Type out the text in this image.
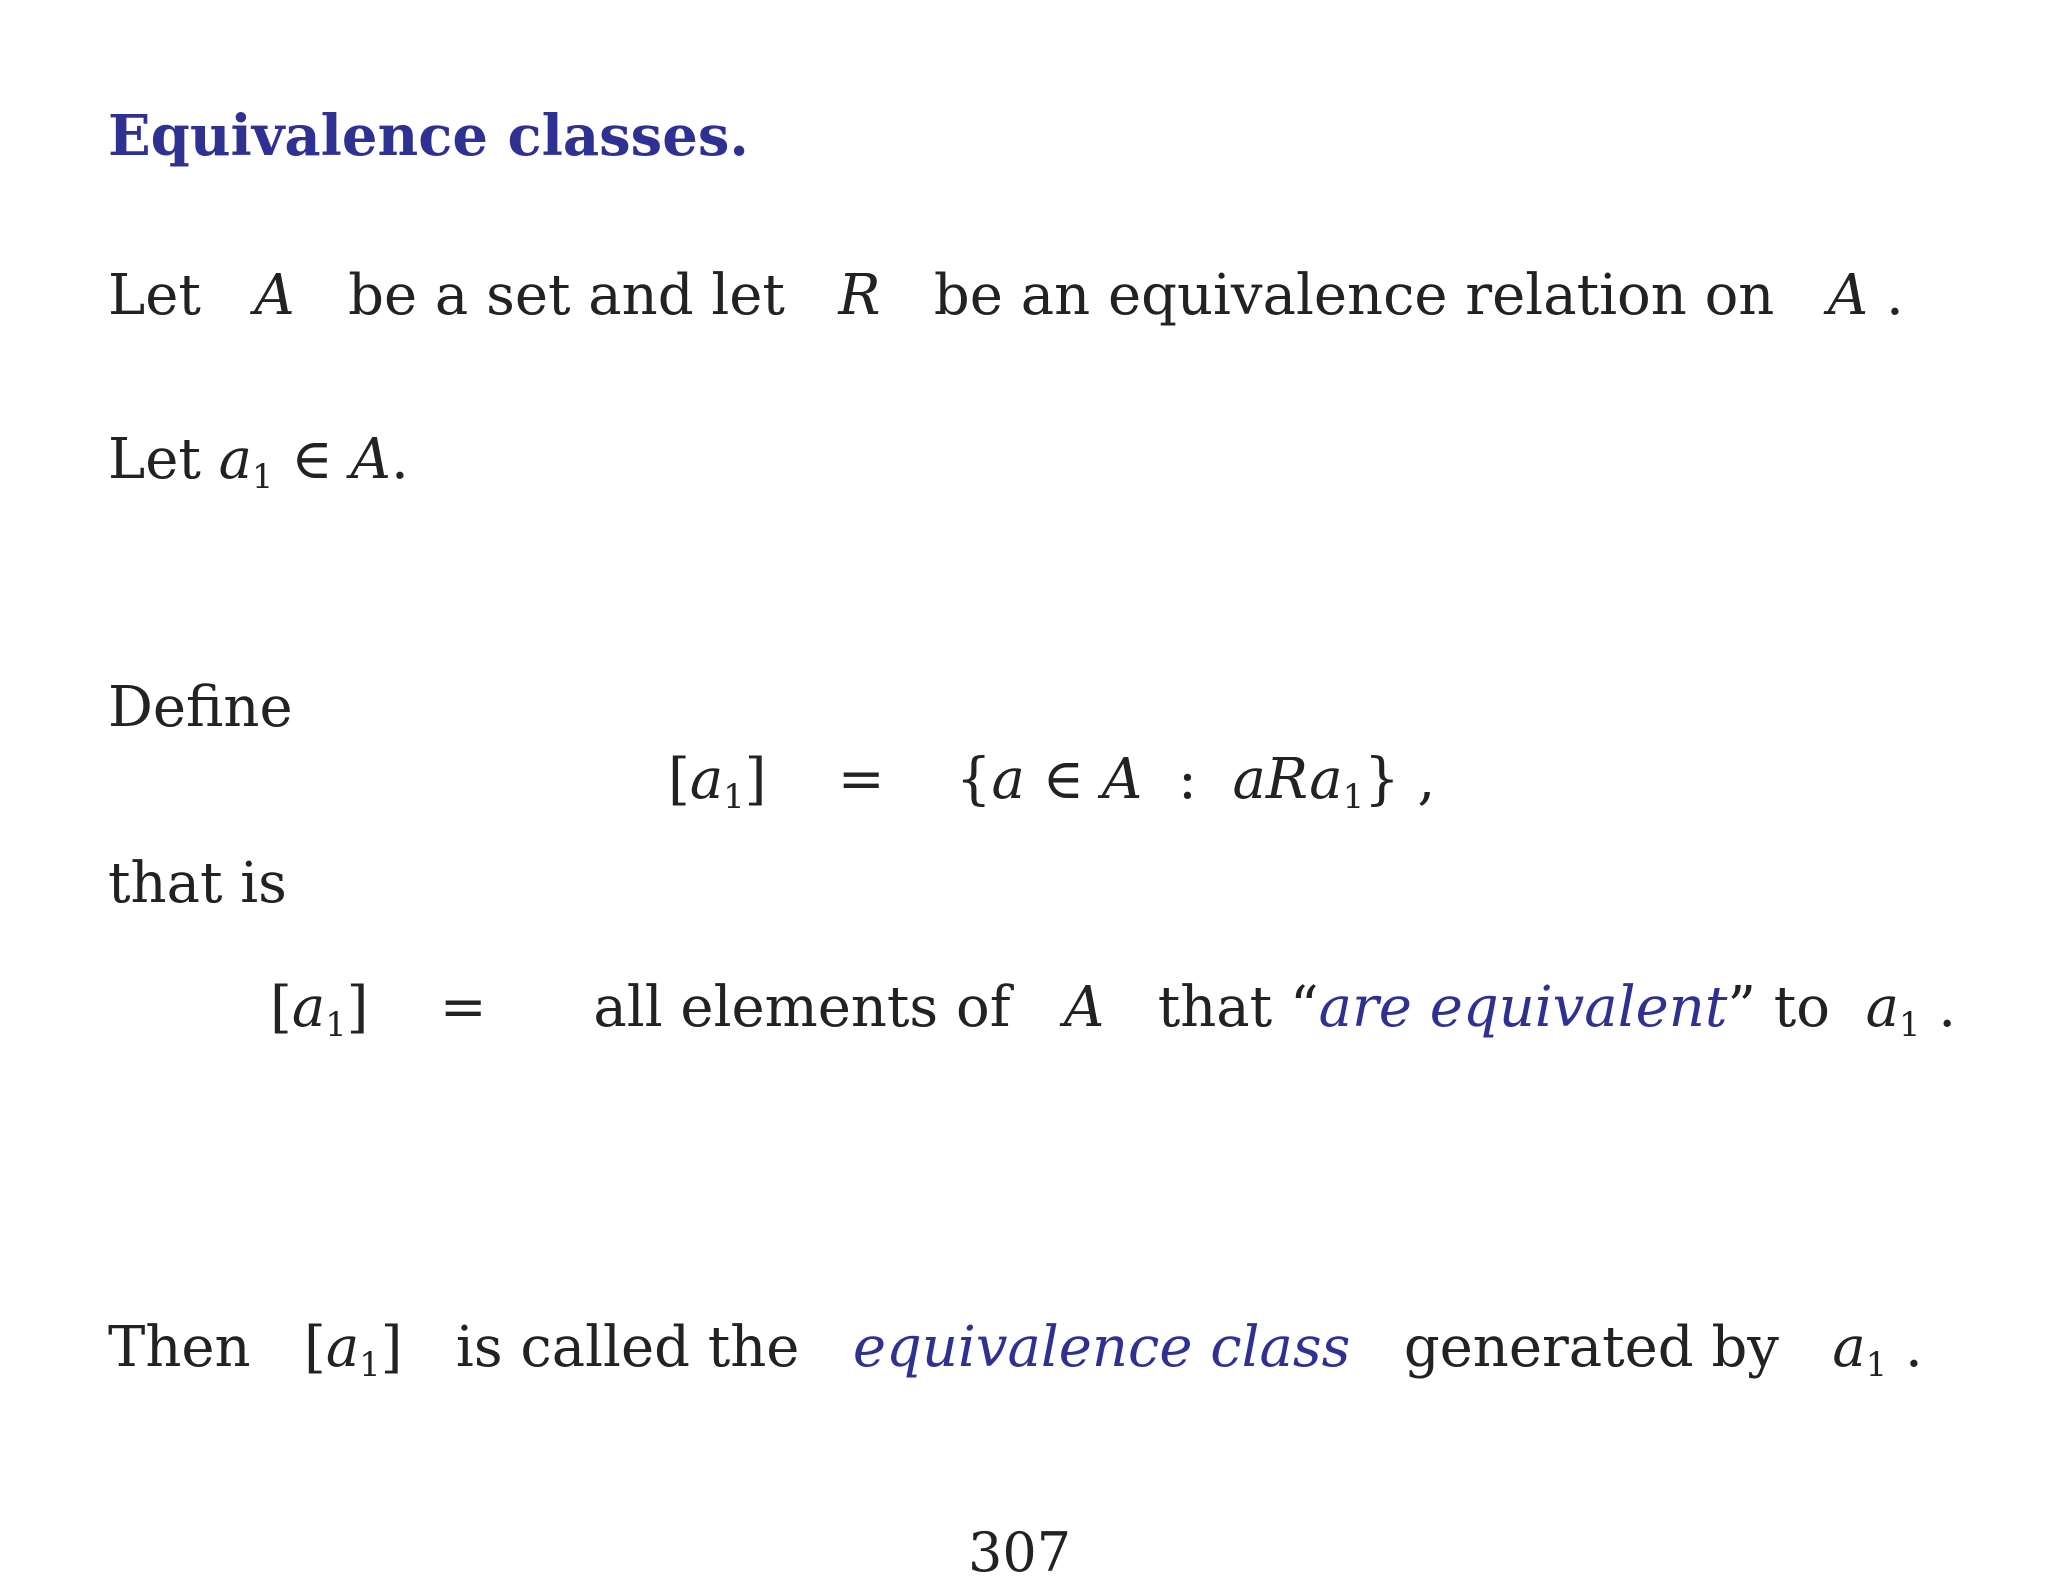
Equivalence classes.
Let A be a set and let R be an equivalence relation on A .
Let $a_1$ ∈ A.
Define
$[a_1] = \{a$ ∈ A : aRa$_1$} ,
that is
$[a_1]$ = all elements of A that “are equivalent” to $a_1$ .
Then $[a_1]$ is called the equivalence class generated by $a_1$ .
307
